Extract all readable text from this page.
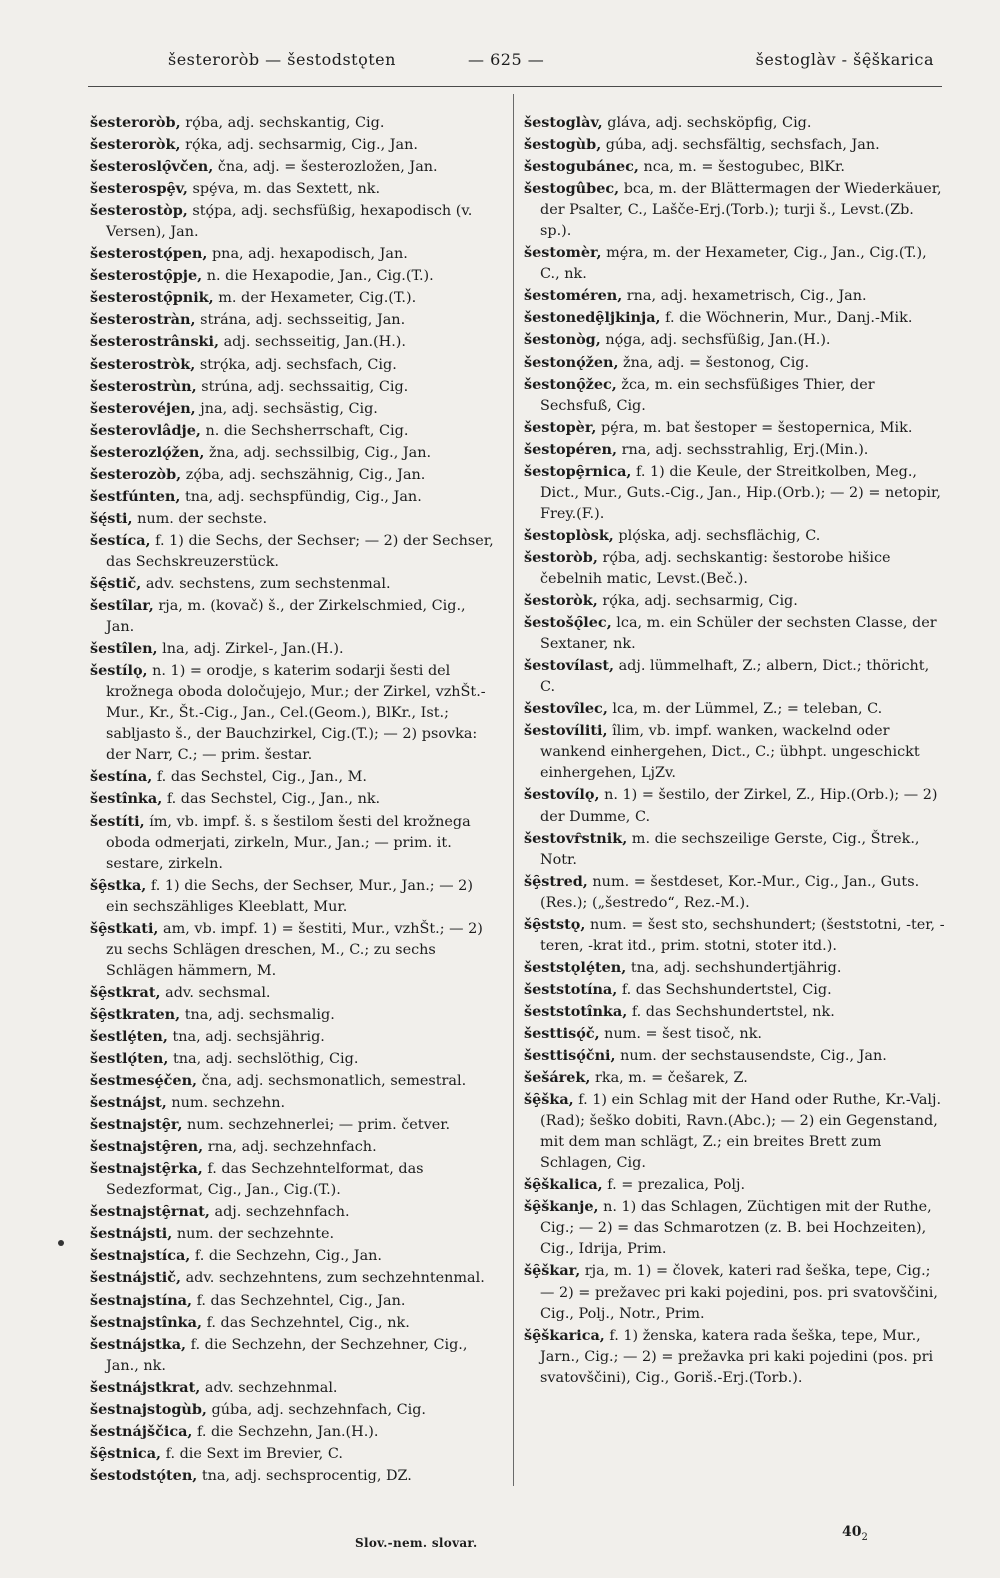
šesteroròb — šestodstǫten	— 625 —	šestoglàv - šę̑škarica

šesteroròb, rǫ́ba, adj. sechskantig, Cig.

šesteroròk, rǫ́ka, adj. sechsarmig, Cig., Jan.

šesteroslǫ̑včen, čna, adj. = šesterozložen, Jan.

šesterospȩ̑v, spȩ́va, m. das Sextett, nk.

šesterostòp, stǫ́pa, adj. sechsfüßig, hexapodisch (v. Versen), Jan.

šesterostǫ́pen, pna, adj. hexapodisch, Jan.

šesterostǫ̑pje, n. die Hexapodie, Jan., Cig.(T.).

šesterostǫ̑pnik, m. der Hexameter, Cig.(T.).

šesterostràn, strána, adj. sechsseitig, Jan.

šesterostrânski, adj. sechsseitig, Jan.(H.).

šesterostròk, strǫ́ka, adj. sechsfach, Cig.

šesterostrùn, strúna, adj. sechssaitig, Cig.

šesterovéjen, jna, adj. sechsästig, Cig.

šesterovlâdje, n. die Sechsherrschaft, Cig.

šesterozlǫ́žen, žna, adj. sechssilbig, Cig., Jan.

šesterozòb, zǫ́ba, adj. sechszähnig, Cig., Jan.

šestfúnten, tna, adj. sechspfündig, Cig., Jan.

šę́sti, num. der sechste.

šestíca, f. 1) die Sechs, der Sechser; — 2) der Sechser, das Sechskreuzerstück.

šę̑stič, adv. sechstens, zum sechstenmal.

šestîlar, rja, m. (kovač) š., der Zirkelschmied, Cig., Jan.

šestîlen, lna, adj. Zirkel-, Jan.(H.).

šestílǫ, n. 1) = orodje, s katerim sodarji šesti del krožnega oboda določujejo, Mur.; der Zirkel, vzhŠt.-Mur., Kr., Št.-Cig., Jan., Cel.(Geom.), BlKr., Ist.; sabljasto š., der Bauchzirkel, Cig.(T.); — 2) psovka: der Narr, C.; — prim. šestar.

šestína, f. das Sechstel, Cig., Jan., M.

šestînka, f. das Sechstel, Cig., Jan., nk.

šestíti, ím, vb. impf. š. s šestilom šesti del krožnega oboda odmerjati, zirkeln, Mur., Jan.; — prim. it. sestare, zirkeln.

šȩ̑stka, f. 1) die Sechs, der Sechser, Mur., Jan.; — 2) ein sechszähliges Kleeblatt, Mur.

šȩ̑stkati, am, vb. impf. 1) = šestiti, Mur., vzhŠt.; — 2) zu sechs Schlägen dreschen, M., C.; zu sechs Schlägen hämmern, M.

šȩ̑stkrat, adv. sechsmal.

šȩ̑stkraten, tna, adj. sechsmalig.

šestlȩ́ten, tna, adj. sechsjährig.

šestlǫ́ten, tna, adj. sechslöthig, Cig.

šestmesȩ́čen, čna, adj. sechsmonatlich, semestral.

šestnájst, num. sechzehn.

šestnajstȩ̑r, num. sechzehnerlei; — prim. četver.

šestnajstȩ̑ren, rna, adj. sechzehnfach.

šestnajstȩ̑rka, f. das Sechzehntelformat, das Sedezformat, Cig., Jan., Cig.(T.).

šestnajstȩ̑rnat, adj. sechzehnfach.

šestnájsti, num. der sechzehnte.

šestnajstíca, f. die Sechzehn, Cig., Jan.

šestnájstič, adv. sechzehntens, zum sechzehntenmal.

šestnajstína, f. das Sechzehntel, Cig., Jan.

šestnajstînka, f. das Sechzehntel, Cig., nk.

šestnájstka, f. die Sechzehn, der Sechzehner, Cig., Jan., nk.

šestnájstkrat, adv. sechzehnmal.

šestnajstogùb, gúba, adj. sechzehnfach, Cig.

šestnájščica, f. die Sechzehn, Jan.(H.).

šȩ̑stnica, f. die Sext im Brevier, C.

šestodstǫ́ten, tna, adj. sechsprocentig, DZ.

šestoglàv, gláva, adj. sechsköpfig, Cig.

šestogùb, gúba, adj. sechsfältig, sechsfach, Jan.

šestogubánec, nca, m. = šestogubec, BlKr.

šestogûbec, bca, m. der Blättermagen der Wiederkäuer, der Psalter, C., Lašče-Erj.(Torb.); turji š., Levst.(Zb. sp.).

šestomèr, mȩ́ra, m. der Hexameter, Cig., Jan., Cig.(T.), C., nk.

šestoméren, rna, adj. hexametrisch, Cig., Jan.

šestonedȩ̑ljkinja, f. die Wöchnerin, Mur., Danj.-Mik.

šestonòg, nǫ́ga, adj. sechsfüßig, Jan.(H.).

šestonǫ́žen, žna, adj. = šestonog, Cig.

šestonǫ̑žec, žca, m. ein sechsfüßiges Thier, der Sechsfuß, Cig.

šestopèr, pȩ́ra, m. bat šestoper = šestopernica, Mik.

šestopéren, rna, adj. sechsstrahlig, Erj.(Min.).

šestopȩ̑rnica, f. 1) die Keule, der Streitkolben, Meg., Dict., Mur., Guts.-Cig., Jan., Hip.(Orb.); — 2) = netopir, Frey.(F.).

šestoplòsk, plǫ́ska, adj. sechsflächig, C.

šestoròb, rǫ́ba, adj. sechskantig: šestorobe hišice čebelnih matic, Levst.(Beč.).

šestoròk, rǫ́ka, adj. sechsarmig, Cig.

šestošǫ̑lec, lca, m. ein Schüler der sechsten Classe, der Sextaner, nk.

šestovílast, adj. lümmelhaft, Z.; albern, Dict.; thöricht, C.

šestovîlec, lca, m. der Lümmel, Z.; = teleban, C.

šestovíliti, îlim, vb. impf. wanken, wackelnd oder wankend einhergehen, Dict., C.; übhpt. ungeschickt einhergehen, LjZv.

šestovílǫ, n. 1) = šestilo, der Zirkel, Z., Hip.(Orb.); — 2) der Dumme, C.

šestovȓstnik, m. die sechszeilige Gerste, Cig., Štrek., Notr.

šȩ̑stred, num. = šestdeset, Kor.-Mur., Cig., Jan., Guts.(Res.); („šestredo“, Rez.-M.).

šȩ̑ststǫ, num. = šest sto, sechshundert; (šeststotni, -ter, -teren, -krat itd., prim. stotni, stoter itd.).

šeststǫlȩ́ten, tna, adj. sechshundertjährig.

šeststotína, f. das Sechshundertstel, Cig.

šeststotînka, f. das Sechshundertstel, nk.

šesttisǫ́č, num. = šest tisoč, nk.

šesttisǫ́čni, num. der sechstausendste, Cig., Jan.

šešárek, rka, m. = češarek, Z.

šȩ̑ška, f. 1) ein Schlag mit der Hand oder Ruthe, Kr.-Valj.(Rad); šeško dobiti, Ravn.(Abc.); — 2) ein Gegenstand, mit dem man schlägt, Z.; ein breites Brett zum Schlagen, Cig.

šȩ̑škalica, f. = prezalica, Polj.

šȩ̑škanje, n. 1) das Schlagen, Züchtigen mit der Ruthe, Cig.; — 2) = das Schmarotzen (z. B. bei Hochzeiten), Cig., Idrija, Prim.

šȩ̑škar, rja, m. 1) = človek, kateri rad šeška, tepe, Cig.; — 2) = prežavec pri kaki pojedini, pos. pri svatovščini, Cig., Polj., Notr., Prim.

šȩ̑škarica, f. 1) ženska, katera rada šeška, tepe, Mur., Jarn., Cig.; — 2) = prežavka pri kaki pojedini (pos. pri svatovščini), Cig., Goriš.-Erj.(Torb.).

Slov.-nem. slovar.
$40_2$
